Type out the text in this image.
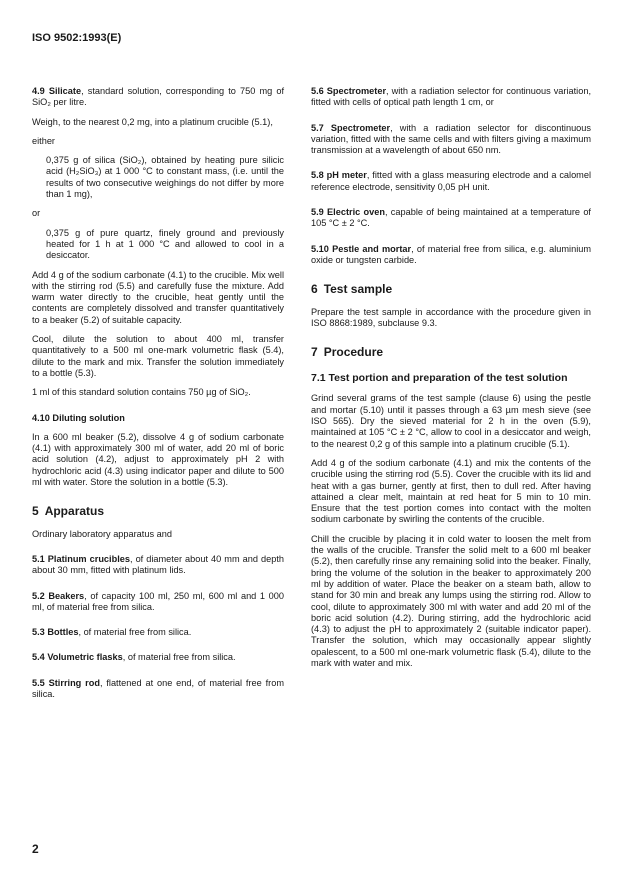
ISO 9502:1993(E)

4.9 Silicate, standard solution, corresponding to 750 mg of SiO₂ per litre.

Weigh, to the nearest 0,2 mg, into a platinum crucible (5.1),

either

0,375 g of silica (SiO₂), obtained by heating pure silicic acid (H₂SiO₃) at 1 000 °C to constant mass, (i.e. until the results of two consecutive weighings do not differ by more than 1 mg),

or

0,375 g of pure quartz, finely ground and previously heated for 1 h at 1 000 °C and allowed to cool in a desiccator.

Add 4 g of the sodium carbonate (4.1) to the crucible. Mix well with the stirring rod (5.5) and carefully fuse the mixture. Add warm water directly to the crucible, heat gently until the contents are completely dissolved and transfer quantitatively to a beaker (5.2) of suitable capacity.

Cool, dilute the solution to about 400 ml, transfer quantitatively to a 500 ml one-mark volumetric flask (5.4), dilute to the mark and mix. Transfer the solution immediately to a bottle (5.3).

1 ml of this standard solution contains 750 µg of SiO₂.

4.10 Diluting solution

In a 600 ml beaker (5.2), dissolve 4 g of sodium carbonate (4.1) with approximately 300 ml of water, add 20 ml of boric acid solution (4.2), adjust to approximately pH 2 with hydrochloric acid (4.3) using indicator paper and dilute to 500 ml with water. Store the solution in a bottle (5.3).

5 Apparatus

Ordinary laboratory apparatus and

5.1 Platinum crucibles, of diameter about 40 mm and depth about 30 mm, fitted with platinum lids.

5.2 Beakers, of capacity 100 ml, 250 ml, 600 ml and 1 000 ml, of material free from silica.

5.3 Bottles, of material free from silica.

5.4 Volumetric flasks, of material free from silica.

5.5 Stirring rod, flattened at one end, of material free from silica.

5.6 Spectrometer, with a radiation selector for continuous variation, fitted with cells of optical path length 1 cm, or

5.7 Spectrometer, with a radiation selector for discontinuous variation, fitted with the same cells and with filters giving a maximum transmission at a wavelength of about 650 nm.

5.8 pH meter, fitted with a glass measuring electrode and a calomel reference electrode, sensitivity 0,05 pH unit.

5.9 Electric oven, capable of being maintained at a temperature of 105 °C ± 2 °C.

5.10 Pestle and mortar, of material free from silica, e.g. aluminium oxide or tungsten carbide.

6 Test sample

Prepare the test sample in accordance with the procedure given in ISO 8868:1989, subclause 9.3.

7 Procedure
7.1 Test portion and preparation of the test solution

Grind several grams of the test sample (clause 6) using the pestle and mortar (5.10) until it passes through a 63 µm mesh sieve (see ISO 565). Dry the sieved material for 2 h in the oven (5.9), maintained at 105 °C ± 2 °C, allow to cool in a desiccator and weigh, to the nearest 0,2 g of this sample into a platinum crucible (5.1).

Add 4 g of the sodium carbonate (4.1) and mix the contents of the crucible using the stirring rod (5.5). Cover the crucible with its lid and heat with a gas burner, gently at first, then to dull red. After having attained a clear melt, maintain at red heat for 5 min to 10 min. Ensure that the test portion comes into contact with the molten sodium carbonate by swirling the contents of the crucible.

Chill the crucible by placing it in cold water to loosen the melt from the walls of the crucible. Transfer the solid melt to a 600 ml beaker (5.2), then carefully rinse any remaining solid into the beaker. Finally, bring the volume of the solution in the beaker to approximately 200 ml by addition of water. Place the beaker on a steam bath, allow to stand for 30 min and break any lumps using the stirring rod. Allow to cool, dilute to approximately 300 ml with water and add 20 ml of the boric acid solution (4.2). During stirring, add the hydrochloric acid (4.3) to adjust the pH to approximately 2 (suitable indicator paper). Transfer the solution, which may occasionally appear slightly opalescent, to a 500 ml one-mark volumetric flask (5.4), dilute to the mark with water and mix.

2
